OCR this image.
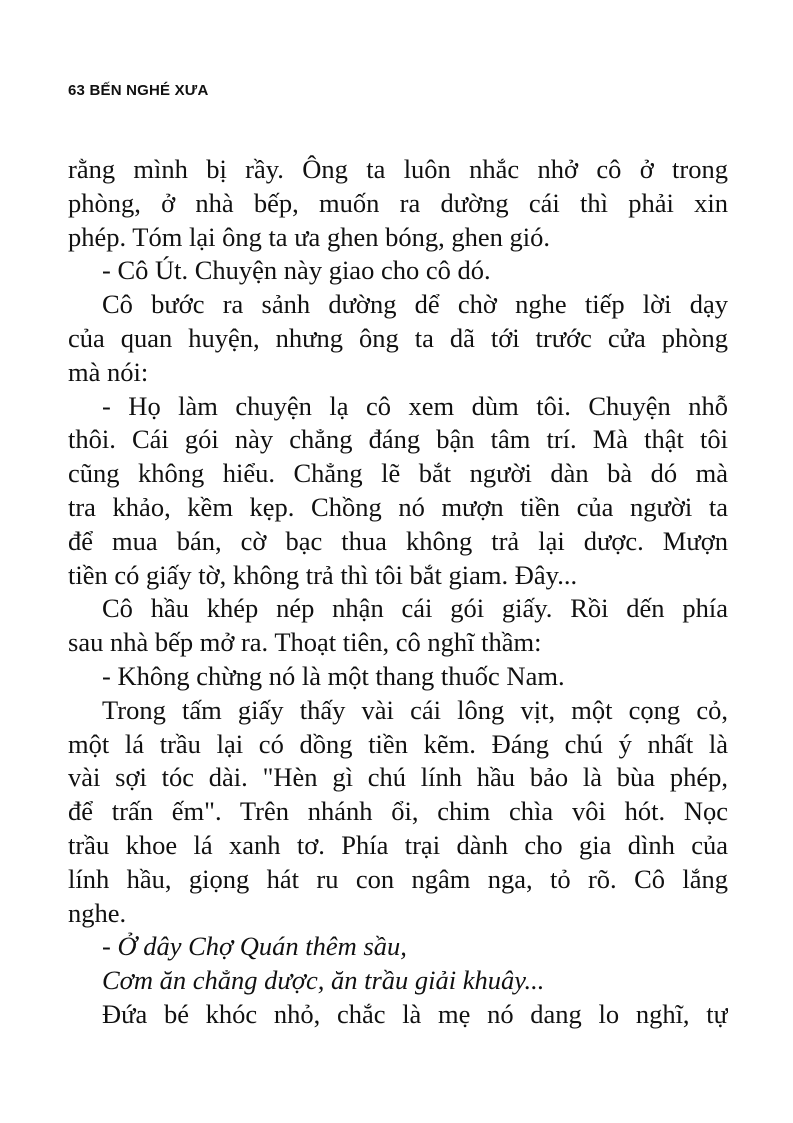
63 BẾN NGHÉ XƯA
rằng mình bị rầy. Ông ta luôn nhắc nhở cô ở trong
phòng, ở nhà bếp, muốn ra dường cái thì phải xin
phép. Tóm lại ông ta ưa ghen bóng, ghen gió.
- Cô Út. Chuyện này giao cho cô dó.
Cô bước ra sảnh dường dể chờ nghe tiếp lời dạy
của quan huyện, nhưng ông ta dã tới trước cửa phòng
mà nói:
- Họ làm chuyện lạ cô xem dùm tôi. Chuyện nhỗ
thôi. Cái gói này chẳng đáng bận tâm trí. Mà thật tôi
cũng không hiểu. Chẳng lẽ bắt người dàn bà dó mà
tra khảo, kềm kẹp. Chồng nó mượn tiền của người ta
để mua bán, cờ bạc thua không trả lại dược. Mượn
tiền có giấy tờ, không trả thì tôi bắt giam. Đây...
Cô hầu khép nép nhận cái gói giấy. Rồi dến phía
sau nhà bếp mở ra. Thoạt tiên, cô nghĩ thầm:
- Không chừng nó là một thang thuốc Nam.
Trong tấm giấy thấy vài cái lông vịt, một cọng cỏ,
một lá trầu lại có dồng tiền kẽm. Đáng chú ý nhất là
vài sợi tóc dài. "Hèn gì chú lính hầu bảo là bùa phép,
để trấn ếm". Trên nhánh ổi, chim chìa vôi hót. Nọc
trầu khoe lá xanh tơ. Phía trại dành cho gia dình của
lính hầu, giọng hát ru con ngâm nga, tỏ rõ. Cô lắng
nghe.
- Ở dây Chợ Quán thêm sầu,
Cơm ăn chẳng dược, ăn trầu giải khuây...
Đứa bé khóc nhỏ, chắc là mẹ nó dang lo nghĩ, tự
